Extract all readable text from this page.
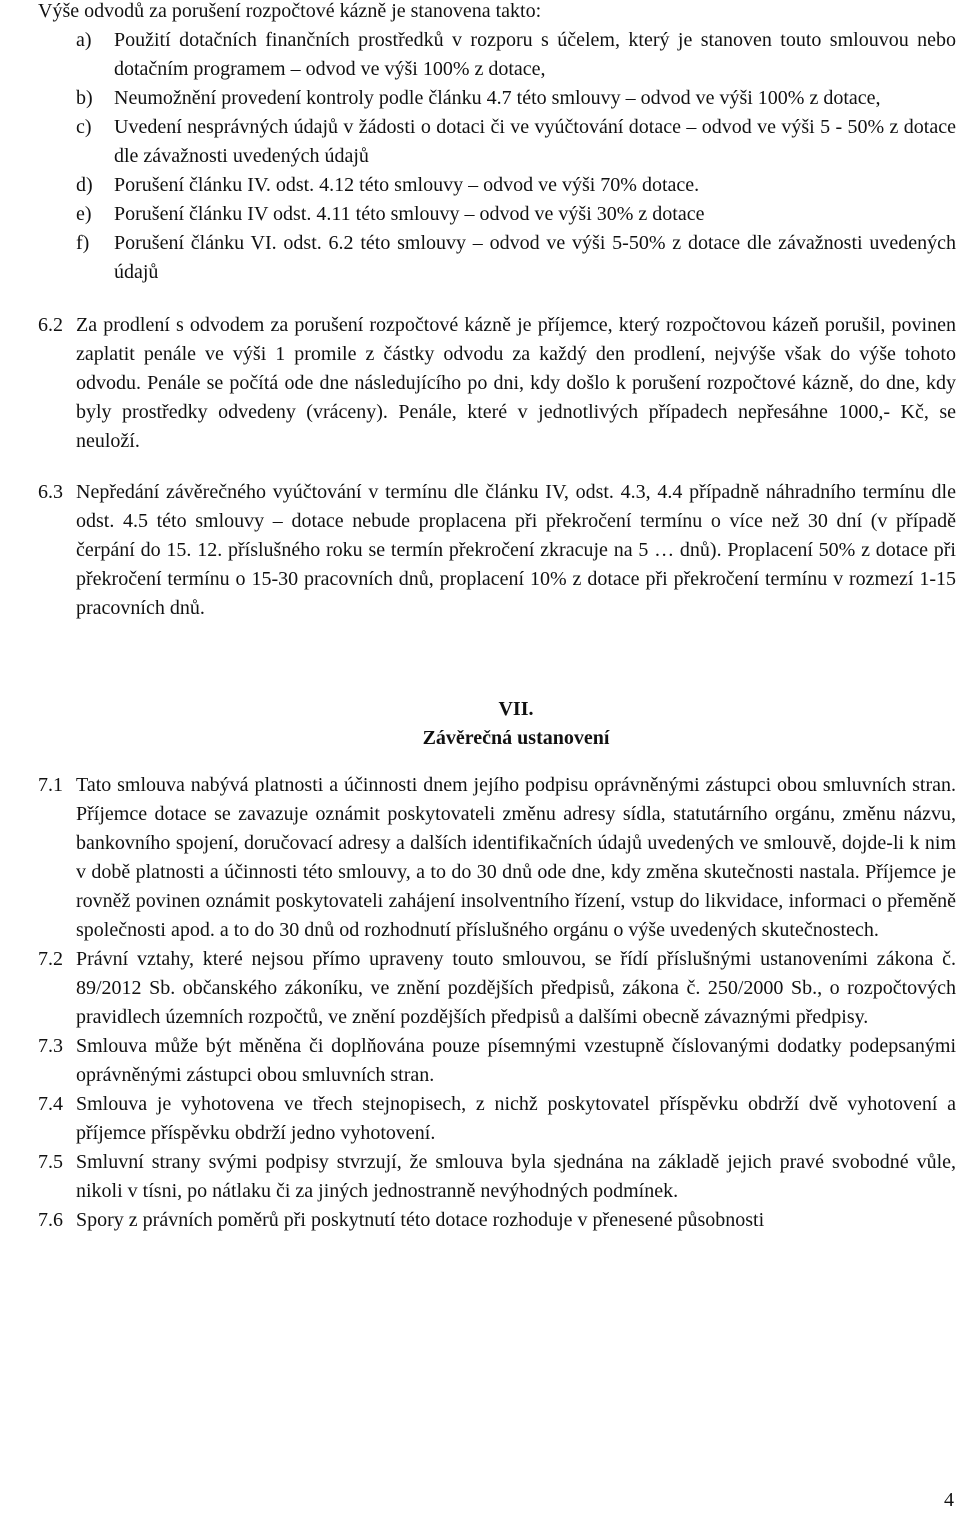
Výše odvodů za porušení rozpočtové kázně je stanovena takto:
a)	Použití dotačních finančních prostředků v rozporu s účelem, který je stanoven touto smlouvou nebo dotačním programem – odvod ve výši 100% z dotace,
b)	Neumožnění provedení kontroly podle článku 4.7 této smlouvy – odvod ve výši 100% z dotace,
c)	Uvedení nesprávných údajů v žádosti o dotaci či ve vyúčtování dotace – odvod ve výši 5 - 50% z dotace dle závažnosti uvedených údajů
d)	Porušení článku IV. odst. 4.12 této smlouvy – odvod ve výši 70% dotace.
e)	Porušení článku IV odst. 4.11 této smlouvy – odvod ve výši 30% z dotace
f)	Porušení článku VI. odst. 6.2 této smlouvy – odvod ve výši 5-50% z dotace dle závažnosti uvedených údajů
6.2 Za prodlení s odvodem za porušení rozpočtové kázně je příjemce, který rozpočtovou kázeň porušil, povinen zaplatit penále ve výši 1 promile z částky odvodu za každý den prodlení, nejvýše však do výše tohoto odvodu. Penále se počítá ode dne následujícího po dni, kdy došlo k porušení rozpočtové kázně, do dne, kdy byly prostředky odvedeny (vráceny). Penále, které v jednotlivých případech nepřesáhne 1000,- Kč, se neuloží.
6.3 Nepředání závěrečného vyúčtování v termínu dle článku IV, odst. 4.3, 4.4 případně náhradního termínu dle odst. 4.5 této smlouvy – dotace nebude proplacena při překročení termínu o více než 30 dní (v případě čerpání do 15. 12. příslušného roku se termín překročení zkracuje na 5 … dnů). Proplacení 50% z dotace při překročení termínu o 15-30 pracovních dnů, proplacení 10% z dotace při překročení termínu v rozmezí 1-15 pracovních dnů.
VII.
Závěrečná ustanovení
7.1 Tato smlouva nabývá platnosti a účinnosti dnem jejího podpisu oprávněnými zástupci obou smluvních stran. Příjemce dotace se zavazuje oznámit poskytovateli změnu adresy sídla, statutárního orgánu, změnu názvu, bankovního spojení, doručovací adresy a dalších identifikačních údajů uvedených ve smlouvě, dojde-li k nim v době platnosti a účinnosti této smlouvy, a to do 30 dnů ode dne, kdy změna skutečnosti nastala. Příjemce je rovněž povinen oznámit poskytovateli zahájení insolventního řízení, vstup do likvidace, informaci o přeměně společnosti apod. a to do 30 dnů od rozhodnutí příslušného orgánu o výše uvedených skutečnostech.
7.2 Právní vztahy, které nejsou přímo upraveny touto smlouvou, se řídí příslušnými ustanoveními zákona č. 89/2012 Sb. občanského zákoníku, ve znění pozdějších předpisů, zákona č. 250/2000 Sb., o rozpočtových pravidlech územních rozpočtů, ve znění pozdějších předpisů a dalšími obecně závaznými předpisy.
7.3 Smlouva může být měněna či doplňována pouze písemnými vzestupně číslovanými dodatky podepsanými oprávněnými zástupci obou smluvních stran.
7.4 Smlouva je vyhotovena ve třech stejnopisech, z nichž poskytovatel příspěvku obdrží dvě vyhotovení a příjemce příspěvku obdrží jedno vyhotovení.
7.5 Smluvní strany svými podpisy stvrzují, že smlouva byla sjednána na základě jejich pravé svobodné vůle, nikoli v tísni, po nátlaku či za jiných jednostranně nevýhodných podmínek.
7.6 Spory z právních poměrů při poskytnutí této dotace rozhoduje v přenesené působnosti
4
